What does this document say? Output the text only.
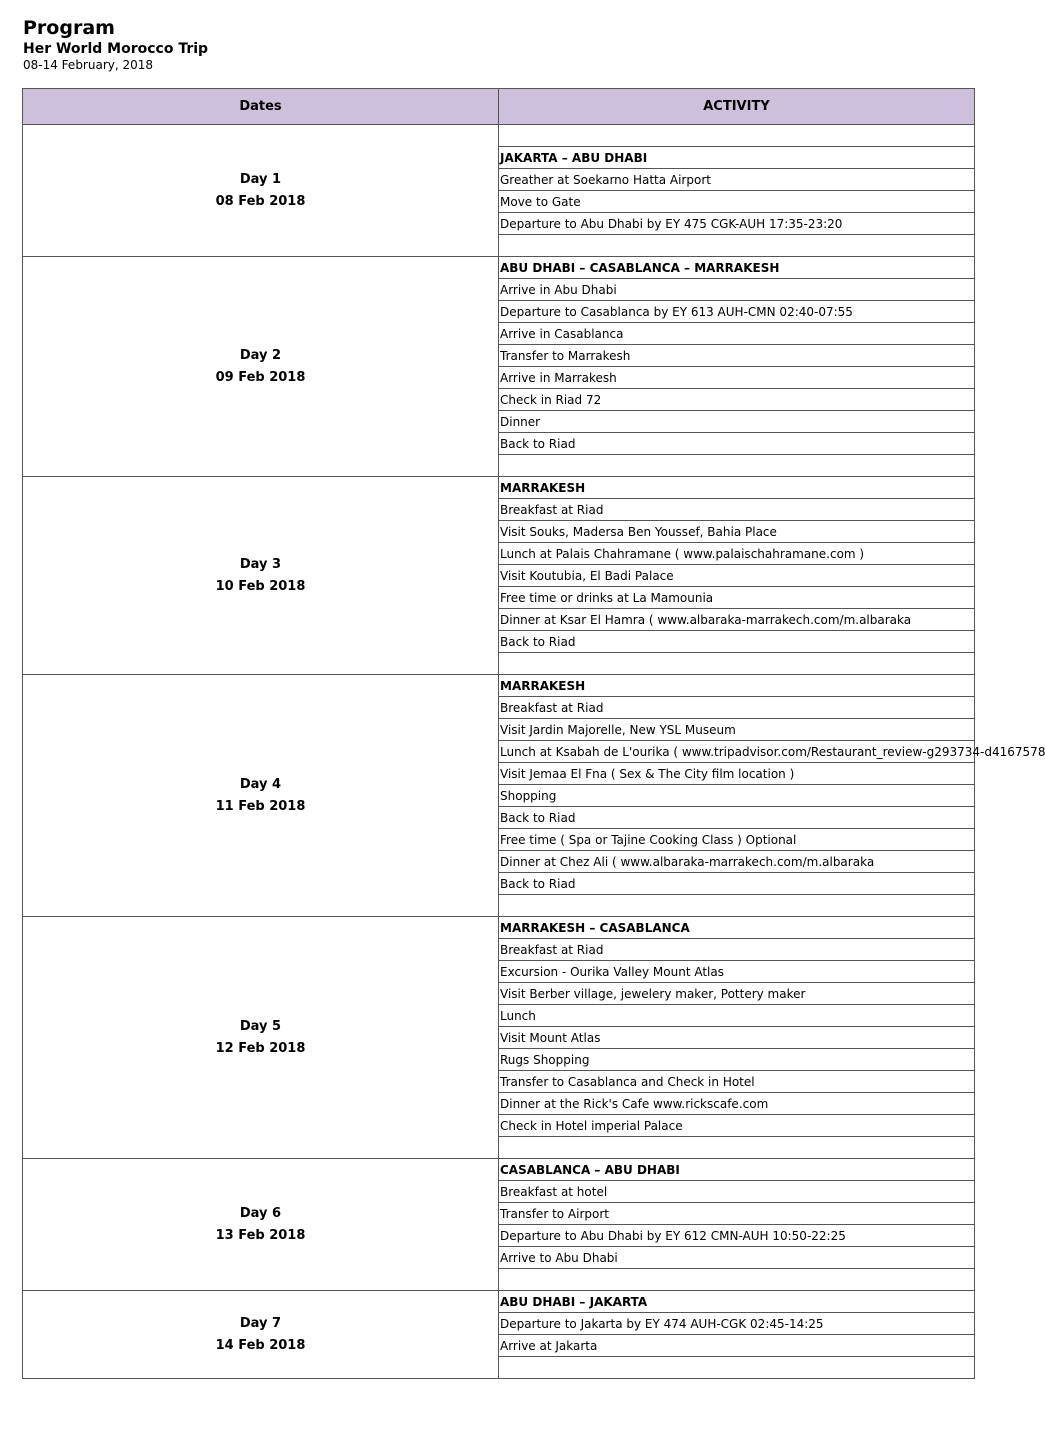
Program
Her World Morocco Trip
08-14 February, 2018
Dates	ACTIVITY

Day 1
08 Feb 2018	

	JAKARTA – ABU DHABI
	Greather at Soekarno Hatta Airport
	Move to Gate
	Departure to Abu Dhabi by EY 475 CGK-AUH 17:35-23:20

Day 2
09 Feb 2018	ABU DHABI – CASABLANCA – MARRAKESH
	Arrive in Abu Dhabi
	Departure to Casablanca by EY 613 AUH-CMN 02:40-07:55
	Arrive in Casablanca
	Transfer to Marrakesh
	Arrive in Marrakesh
	Check in Riad 72
	Dinner
	Back to Riad

Day 3
10 Feb 2018	MARRAKESH
	Breakfast at Riad
	Visit Souks, Madersa Ben Youssef, Bahia Place
	Lunch at Palais Chahramane ( www.palaischahramane.com )
	Visit Koutubia, El Badi Palace
	Free time or drinks at La Mamounia
	Dinner at Ksar El Hamra ( www.albaraka-marrakech.com/m.albaraka
	Back to Riad

Day 4
11 Feb 2018	MARRAKESH
	Breakfast at Riad
	Visit Jardin Majorelle, New YSL Museum
	Lunch at Ksabah de L'ourika ( www.tripadvisor.com/Restaurant_review-g293734-d4167578
	Visit Jemaa El Fna ( Sex & The City film location )
	Shopping
	Back to Riad
	Free time ( Spa or Tajine Cooking Class ) Optional
	Dinner at Chez Ali ( www.albaraka-marrakech.com/m.albaraka
	Back to Riad

Day 5
12 Feb 2018	MARRAKESH – CASABLANCA
	Breakfast at Riad
	Excursion - Ourika Valley Mount Atlas
	Visit Berber village, jewelery maker, Pottery maker
	Lunch
	Visit Mount Atlas
	Rugs Shopping
	Transfer to Casablanca and Check in Hotel
	Dinner at the Rick's Cafe www.rickscafe.com
	Check in Hotel imperial Palace

Day 6
13 Feb 2018	CASABLANCA – ABU DHABI
	Breakfast at hotel
	Transfer to Airport
	Departure to Abu Dhabi by EY 612 CMN-AUH 10:50-22:25
	Arrive to Abu Dhabi

Day 7
14 Feb 2018	ABU DHABI – JAKARTA
	Departure to Jakarta by EY 474 AUH-CGK 02:45-14:25
	Arrive at Jakarta
